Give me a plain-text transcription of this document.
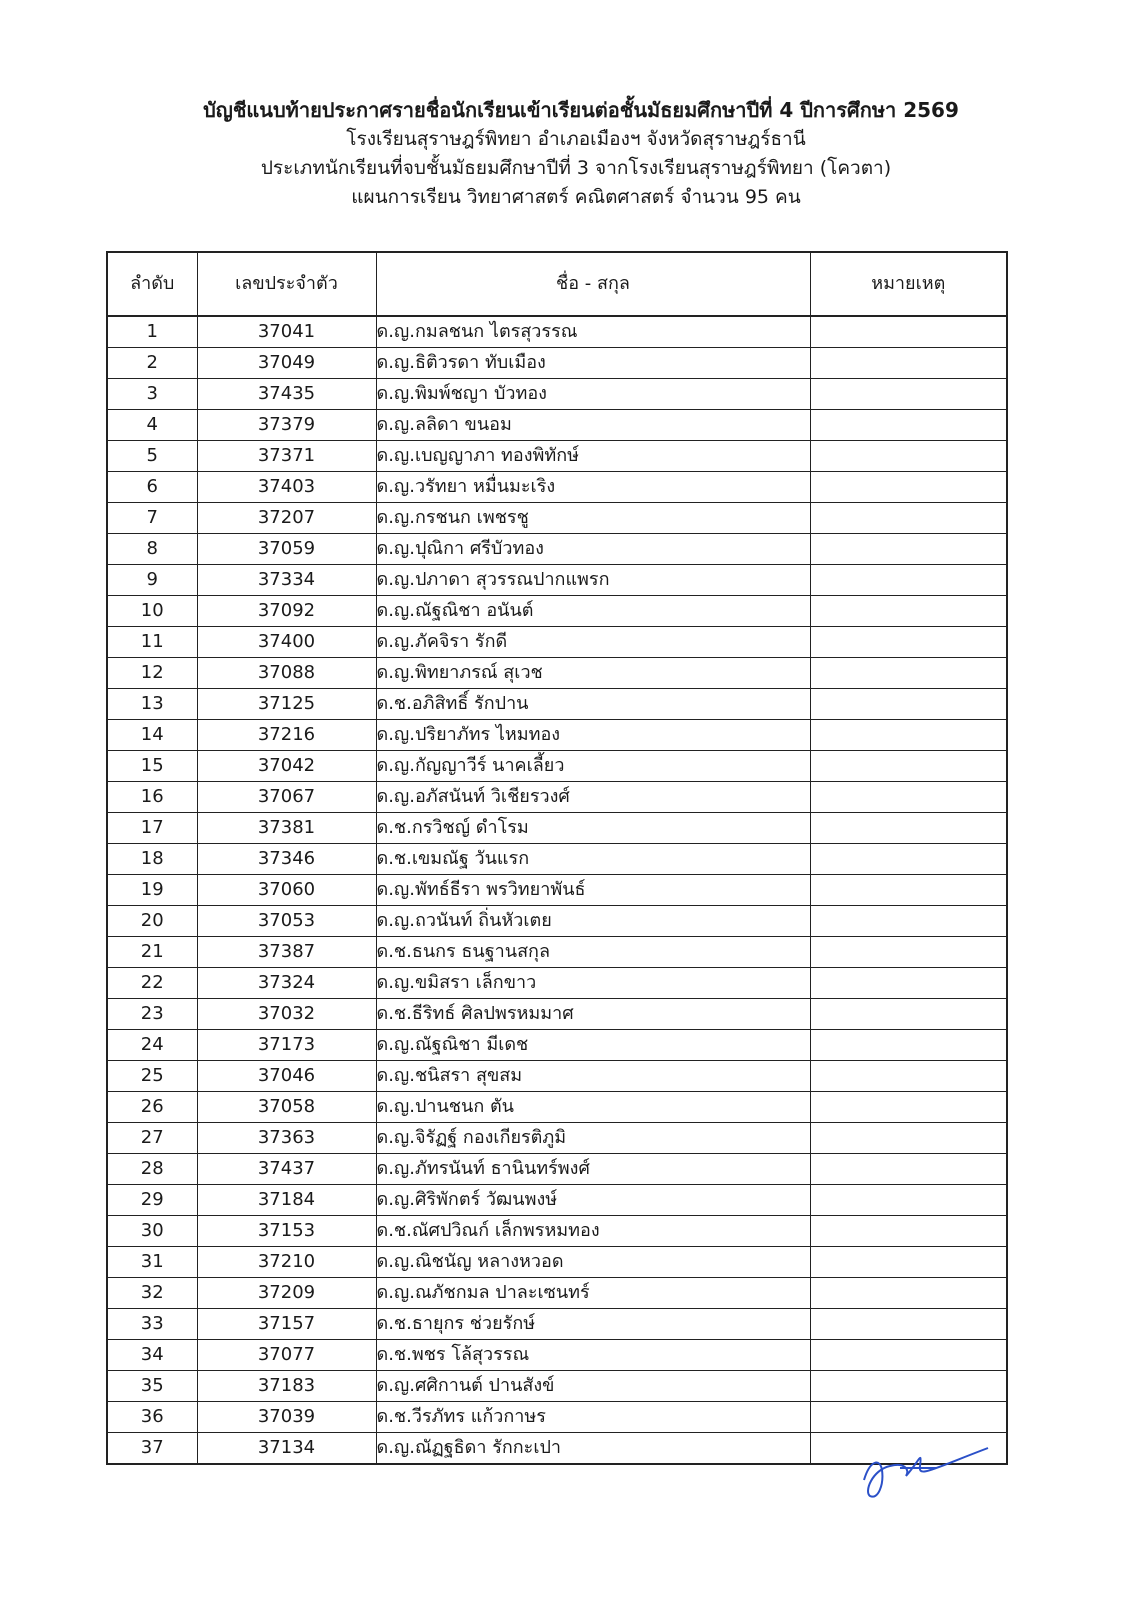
บัญชีแนบท้ายประกาศรายชื่อนักเรียนเข้าเรียนต่อชั้นมัธยมศึกษาปีที่ 4 ปีการศึกษา 2569
โรงเรียนสุราษฎร์พิทยา อำเภอเมืองฯ จังหวัดสุราษฎร์ธานี
ประเภทนักเรียนที่จบชั้นมัธยมศึกษาปีที่ 3 จากโรงเรียนสุราษฎร์พิทยา (โควตา)
แผนการเรียน วิทยาศาสตร์ คณิตศาสตร์ จำนวน 95 คน
ลำดับ	เลขประจำตัว	ชื่อ - สกุล	หมายเหตุ
1	37041	ด.ญ.กมลชนก ไตรสุวรรณ	
2	37049	ด.ญ.ธิติวรดา ทับเมือง	
3	37435	ด.ญ.พิมพ์ชญา บัวทอง	
4	37379	ด.ญ.ลลิดา ขนอม	
5	37371	ด.ญ.เบญญาภา ทองพิทักษ์	
6	37403	ด.ญ.วรัทยา หมื่นมะเริง	
7	37207	ด.ญ.กรชนก เพชรชู	
8	37059	ด.ญ.ปุณิกา ศรีบัวทอง	
9	37334	ด.ญ.ปภาดา สุวรรณปากแพรก	
10	37092	ด.ญ.ณัฐณิชา อนันต์	
11	37400	ด.ญ.ภัคจิรา รักดี	
12	37088	ด.ญ.พิทยาภรณ์ สุเวช	
13	37125	ด.ช.อภิสิทธิ์ รักปาน	
14	37216	ด.ญ.ปริยาภัทร ไหมทอง	
15	37042	ด.ญ.กัญญาวีร์ นาคเลี้ยว	
16	37067	ด.ญ.อภัสนันท์ วิเชียรวงศ์	
17	37381	ด.ช.กรวิชญ์ ดำโรม	
18	37346	ด.ช.เขมณัฐ วันแรก	
19	37060	ด.ญ.พัทธ์ธีรา พรวิทยาพันธ์	
20	37053	ด.ญ.ถวนันท์ ถิ่นหัวเตย	
21	37387	ด.ช.ธนกร ธนฐานสกุล	
22	37324	ด.ญ.ขมิสรา เล็กขาว	
23	37032	ด.ช.ธีริทธ์ ศิลปพรหมมาศ	
24	37173	ด.ญ.ณัฐณิชา มีเดช	
25	37046	ด.ญ.ชนิสรา สุขสม	
26	37058	ด.ญ.ปานชนก ตัน	
27	37363	ด.ญ.จิรัฏฐ์ กองเกียรติภูมิ	
28	37437	ด.ญ.ภัทรนันท์ ธานินทร์พงศ์	
29	37184	ด.ญ.ศิริพักตร์ วัฒนพงษ์	
30	37153	ด.ช.ณัศปวิณก์ เล็กพรหมทอง	
31	37210	ด.ญ.ณิชนัญ หลางหวอด	
32	37209	ด.ญ.ณภัชกมล ปาละเซนทร์	
33	37157	ด.ช.ธายุกร ช่วยรักษ์	
34	37077	ด.ช.พชร โล้สุวรรณ	
35	37183	ด.ญ.ศศิกานต์ ปานสังข์	
36	37039	ด.ช.วีรภัทร แก้วกาษร	
37	37134	ด.ญ.ณัฏฐธิดา รักกะเปา	
